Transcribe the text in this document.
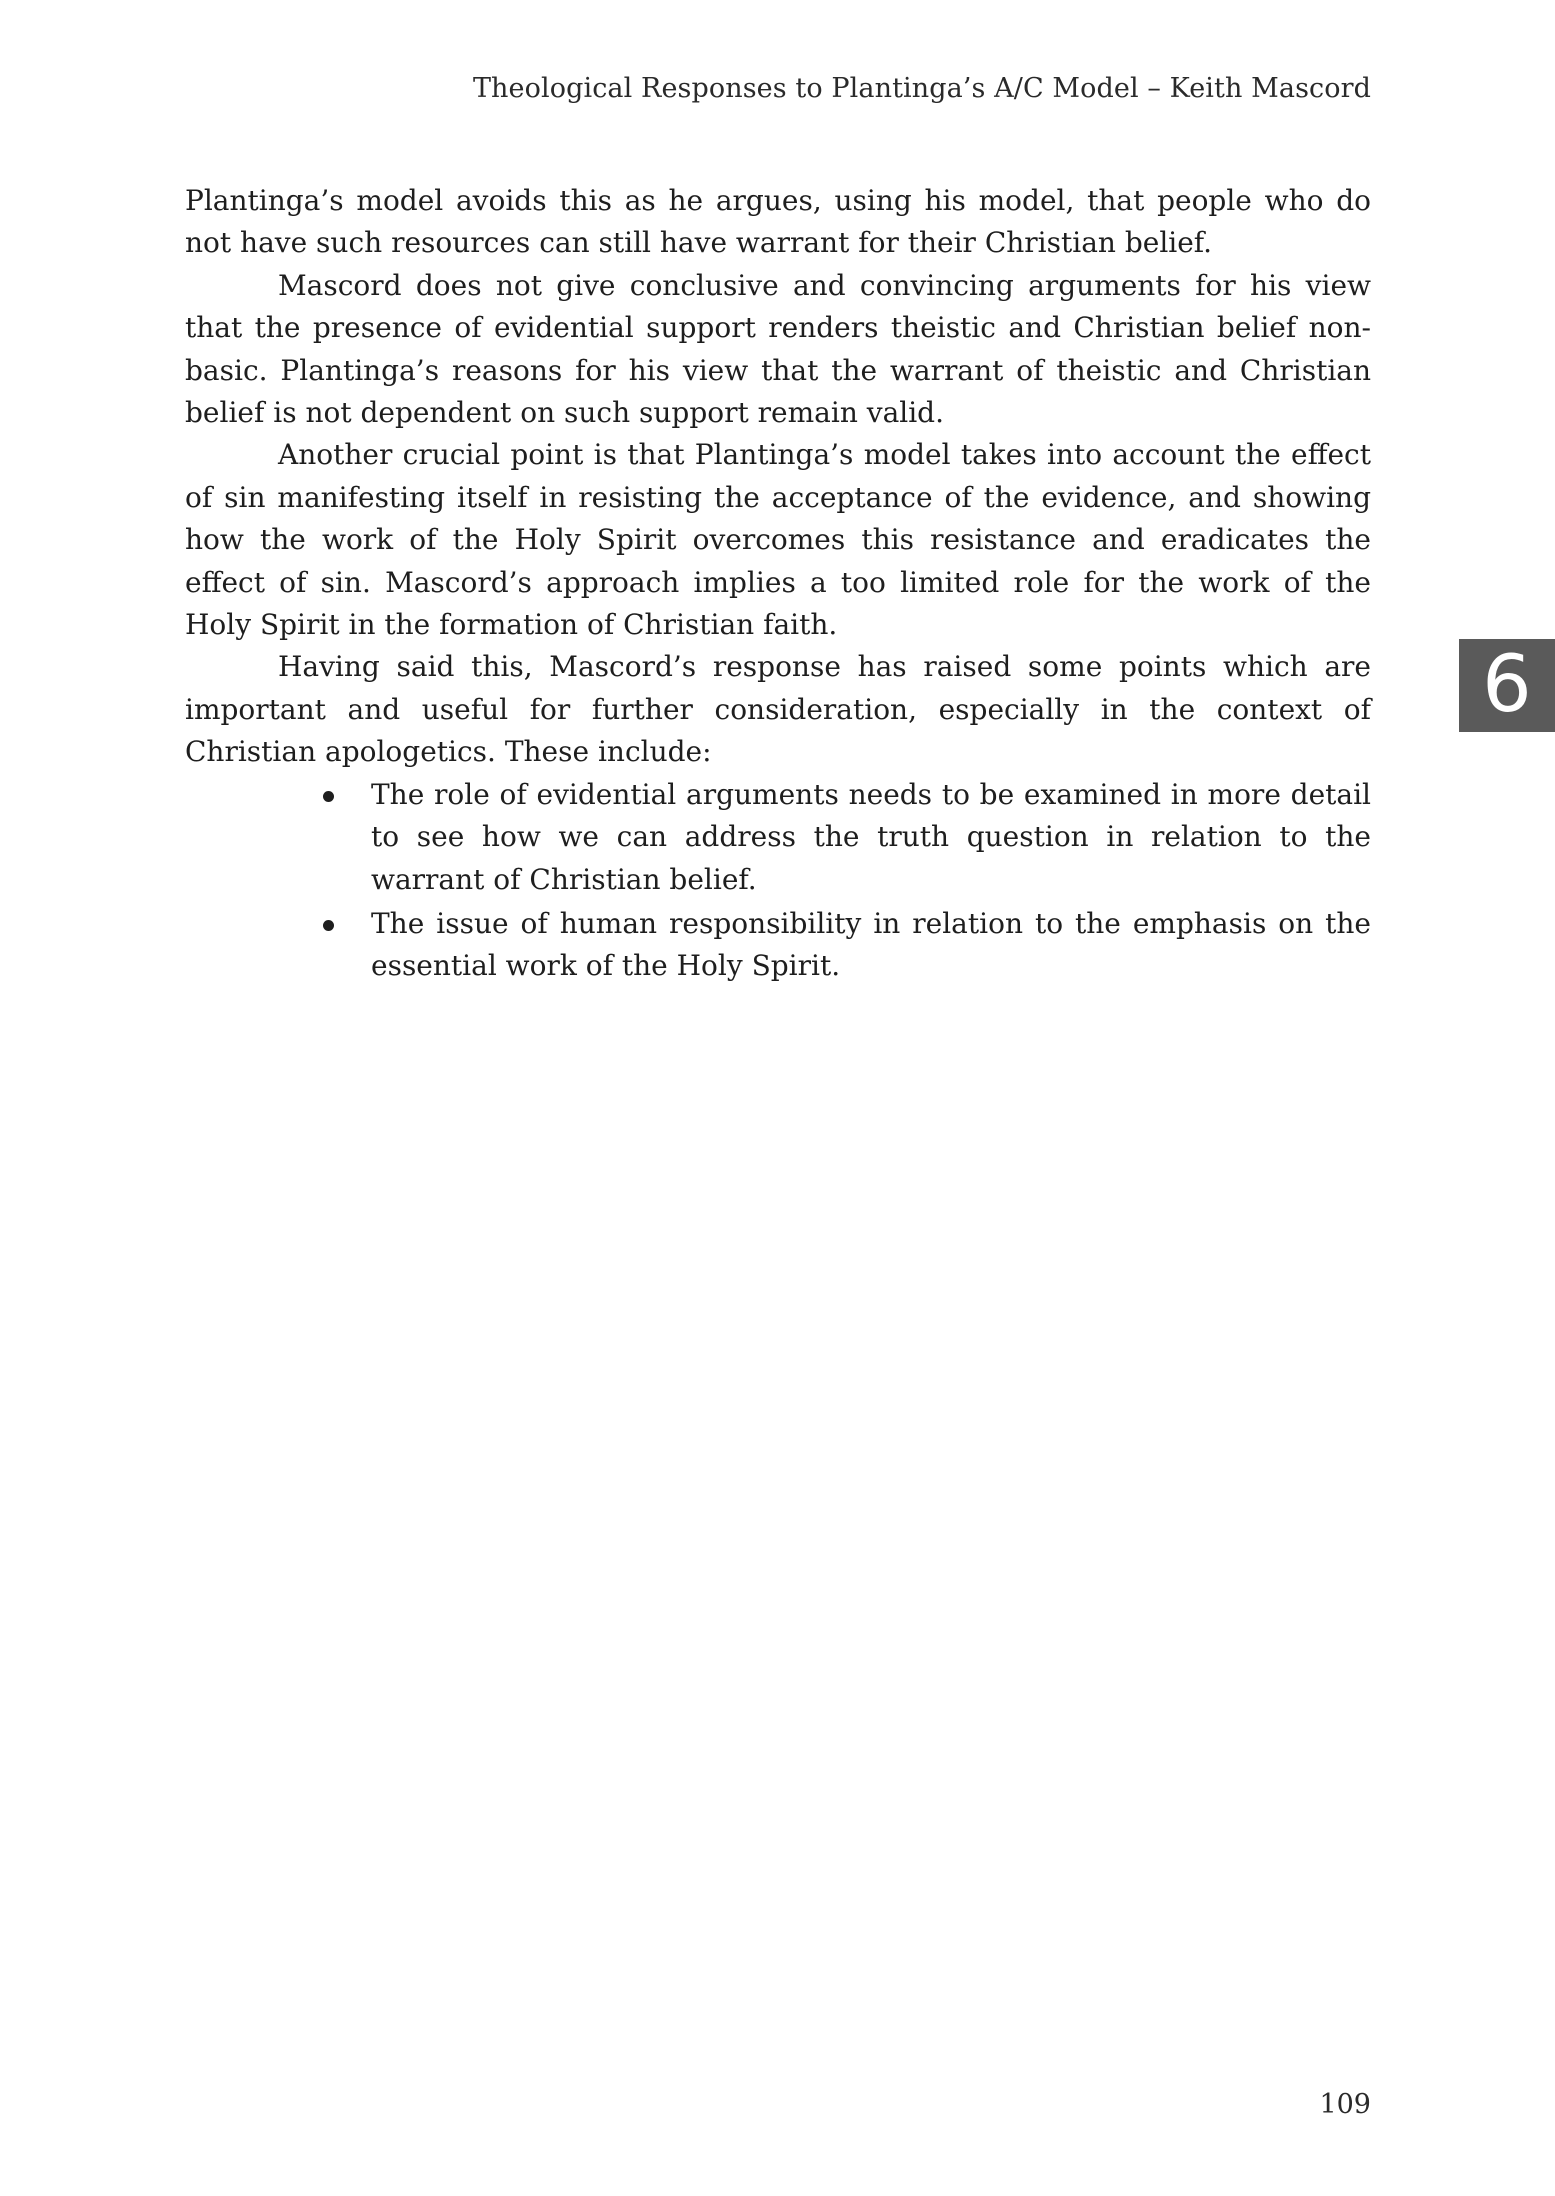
Theological Responses to Plantinga’s A/C Model – Keith Mascord
6

Plantinga’s model avoids this as he argues, using his model, that people who do not have such resources can still have warrant for their Christian belief.

Mascord does not give conclusive and convincing arguments for his view that the presence of evidential support renders theistic and Christian belief non-basic. Plantinga’s reasons for his view that the warrant of theistic and Christian belief is not dependent on such support remain valid.

Another crucial point is that Plantinga’s model takes into account the effect of sin manifesting itself in resisting the acceptance of the evidence, and showing how the work of the Holy Spirit overcomes this resistance and eradicates the effect of sin. Mascord’s approach implies a too limited role for the work of the Holy Spirit in the formation of Christian faith.

Having said this, Mascord’s response has raised some points which are important and useful for further consideration, especially in the context of Christian apologetics. These include:

The role of evidential arguments needs to be examined in more detail to see how we can address the truth question in relation to the warrant of Christian belief.
The issue of human responsibility in relation to the emphasis on the essential work of the Holy Spirit.
109
